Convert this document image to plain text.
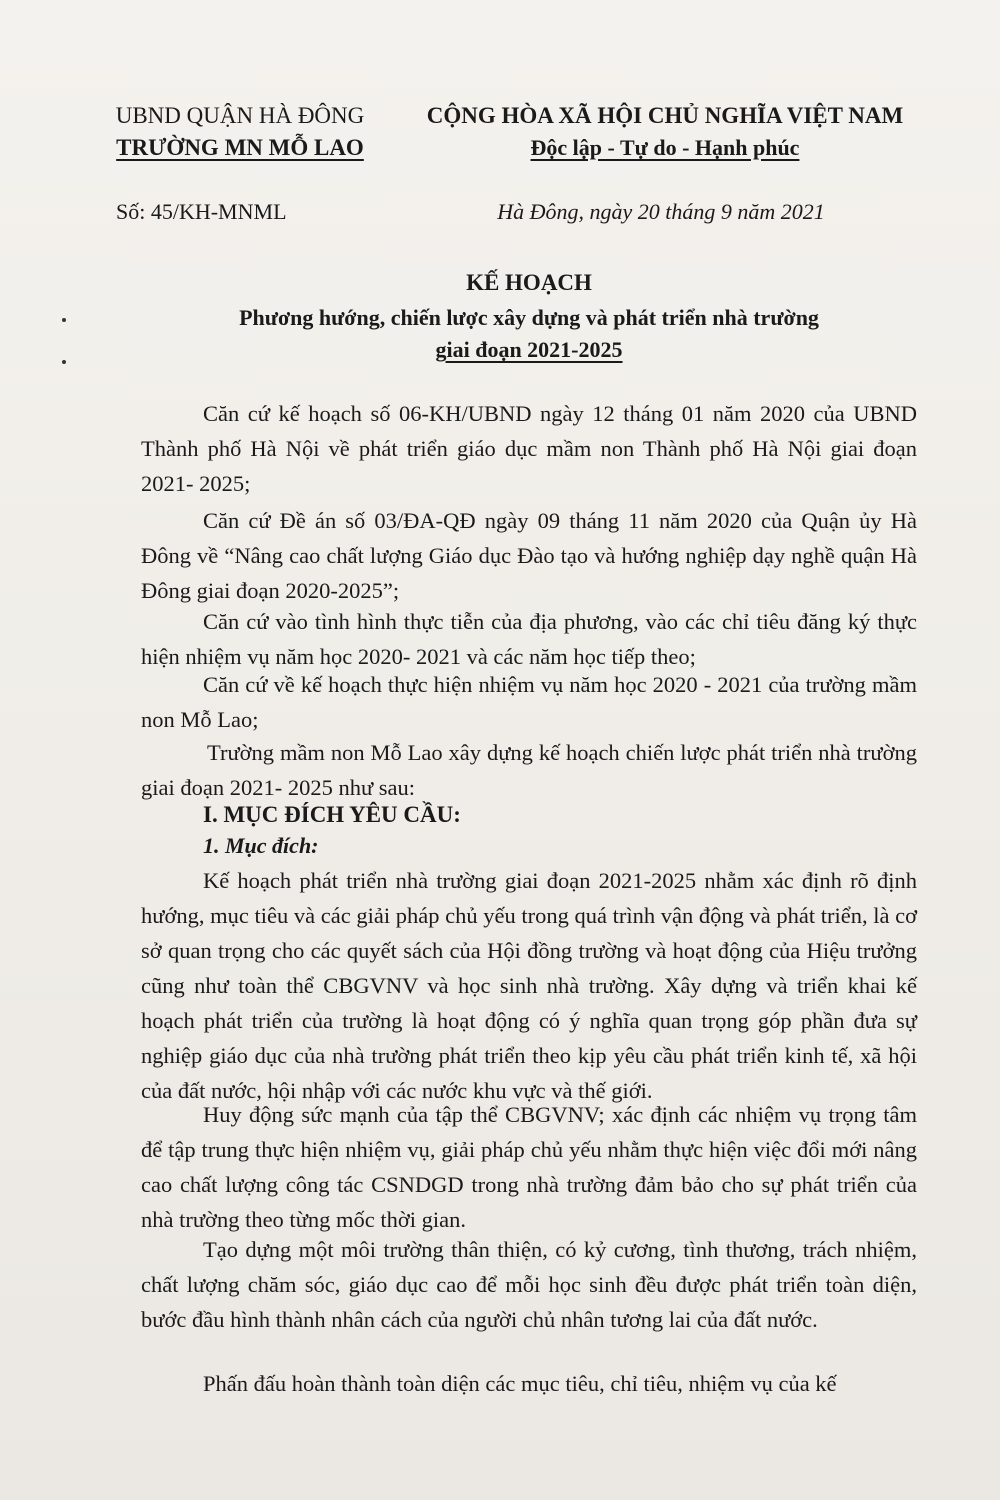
UBND QUẬN HÀ ĐÔNG
TRƯỜNG MN MỖ LAO
CỘNG HÒA XÃ HỘI CHỦ NGHĨA VIỆT NAM
Độc lập - Tự do - Hạnh phúc
Số: 45/KH-MNML	Hà Đông, ngày 20 tháng 9 năm 2021
KẾ HOẠCH
Phương hướng, chiến lược xây dựng và phát triển nhà trường
giai đoạn 2021-2025
Căn cứ kế hoạch số 06-KH/UBND ngày 12 tháng 01 năm 2020 của UBND Thành phố Hà Nội về phát triển giáo dục mầm non Thành phố Hà Nội giai đoạn 2021- 2025;
Căn cứ Đề án số 03/ĐA-QĐ ngày 09 tháng 11 năm 2020 của Quận ủy Hà Đông về “Nâng cao chất lượng Giáo dục Đào tạo và hướng nghiệp dạy nghề quận Hà Đông giai đoạn 2020-2025”;
Căn cứ vào tình hình thực tiễn của địa phương, vào các chỉ tiêu đăng ký thực hiện nhiệm vụ năm học 2020- 2021 và các năm học tiếp theo;
Căn cứ về kế hoạch thực hiện nhiệm vụ năm học 2020 - 2021 của trường mầm non Mỗ Lao;
Trường mầm non Mỗ Lao xây dựng kế hoạch chiến lược phát triển nhà trường giai đoạn 2021- 2025 như sau:
I. MỤC ĐÍCH YÊU CẦU:
1. Mục đích:
Kế hoạch phát triển nhà trường giai đoạn 2021-2025 nhằm xác định rõ định hướng, mục tiêu và các giải pháp chủ yếu trong quá trình vận động và phát triển, là cơ sở quan trọng cho các quyết sách của Hội đồng trường và hoạt động của Hiệu trưởng cũng như toàn thể CBGVNV và học sinh nhà trường. Xây dựng và triển khai kế hoạch phát triển của trường là hoạt động có ý nghĩa quan trọng góp phần đưa sự nghiệp giáo dục của nhà trường phát triển theo kịp yêu cầu phát triển kinh tế, xã hội của đất nước, hội nhập với các nước khu vực và thế giới.
Huy động sức mạnh của tập thể CBGVNV; xác định các nhiệm vụ trọng tâm để tập trung thực hiện nhiệm vụ, giải pháp chủ yếu nhằm thực hiện việc đổi mới nâng cao chất lượng công tác CSNDGD trong nhà trường đảm bảo cho sự phát triển của nhà trường theo từng mốc thời gian.
Tạo dựng một môi trường thân thiện, có kỷ cương, tình thương, trách nhiệm, chất lượng chăm sóc, giáo dục cao để mỗi học sinh đều được phát triển toàn diện, bước đầu hình thành nhân cách của người chủ nhân tương lai của đất nước.
Phấn đấu hoàn thành toàn diện các mục tiêu, chỉ tiêu, nhiệm vụ của kế
